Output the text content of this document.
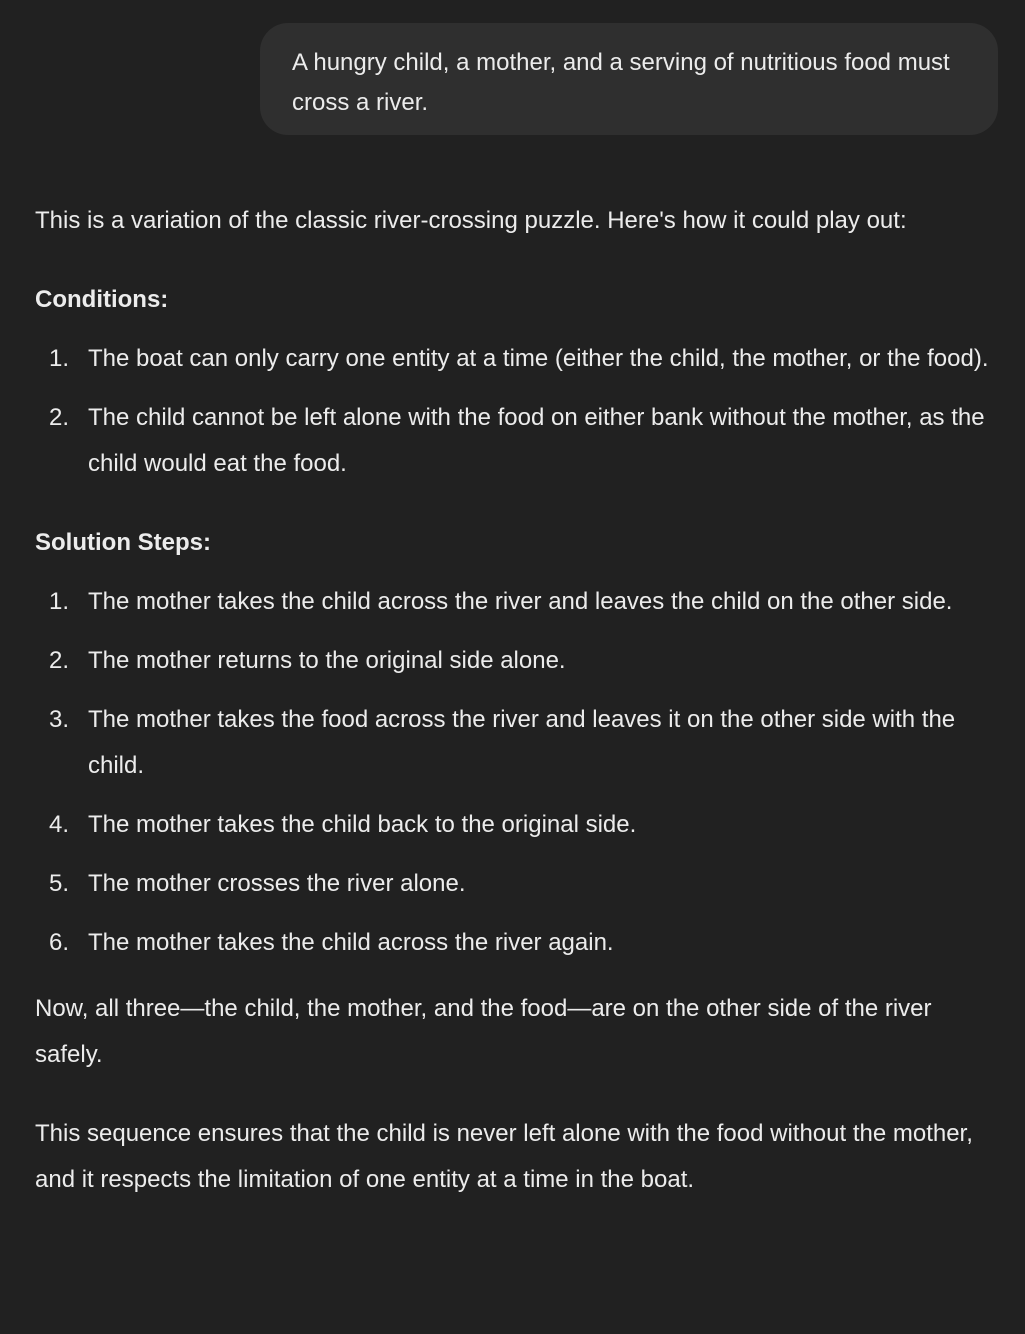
A hungry child, a mother, and a serving of nutritious food must cross a river.

This is a variation of the classic river-crossing puzzle. Here's how it could play out:

Conditions:

1. The boat can only carry one entity at a time (either the child, the mother, or the food).
2. The child cannot be left alone with the food on either bank without the mother, as the child would eat the food.

Solution Steps:

1. The mother takes the child across the river and leaves the child on the other side.
2. The mother returns to the original side alone.
3. The mother takes the food across the river and leaves it on the other side with the child.
4. The mother takes the child back to the original side.
5. The mother crosses the river alone.
6. The mother takes the child across the river again.

Now, all three—the child, the mother, and the food—are on the other side of the river safely.

This sequence ensures that the child is never left alone with the food without the mother, and it respects the limitation of one entity at a time in the boat.
